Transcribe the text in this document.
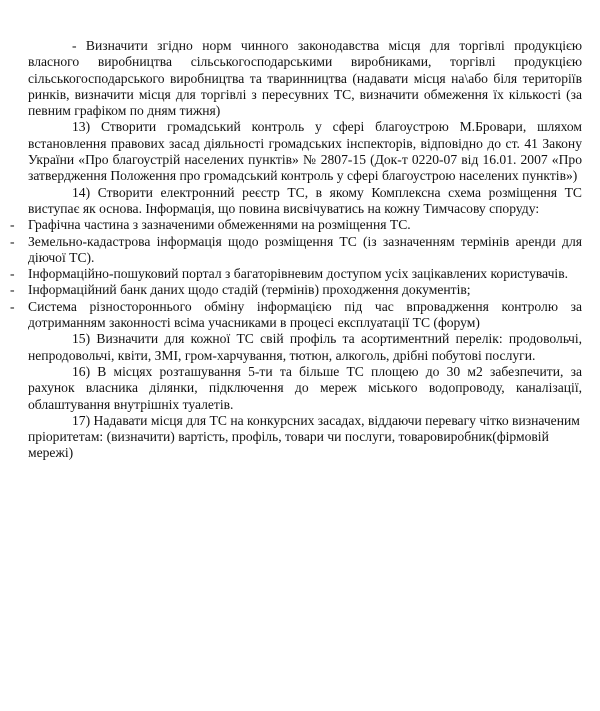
- Визначити згідно норм чинного законодавства місця для торгівлі продукцією власного виробництва сільськогосподарськими виробниками, торгівлі продукцією сільськогосподарського виробництва та тваринництва (надавати місця на\або біля територіїв ринків, визначити місця для торгівлі з пересувних ТС, визначити обмеження їх кількості (за певним графіком по дням тижня)

13) Створити громадський контроль у сфері благоустрою М.Бровари, шляхом встановлення правових засад діяльності громадських інспекторів, відповідно до ст. 41 Закону України «Про благоустрій населених пунктів» № 2807-15 (Док-т 0220-07 від 16.01. 2007 «Про затвердження Положення про громадський контроль у сфері благоустрою населених пунктів»)

14) Створити електронний реєстр ТС, в якому Комплексна схема розміщення ТС виступає як основа. Інформація, що повина висвічуватись на кожну Тимчасову споруду:

- Графічна частина з зазначеними обмеженнями на розміщення ТС.
- Земельно-кадастрова інформація щодо розміщення ТС (із зазначенням термінів аренди для діючої ТС).
- Інформаційно-пошуковий портал з багаторівневим доступом усіх зацікавлених користувачів.
- Інформаційний банк даних щодо стадій (термінів) проходження документів;
- Система різностороннього обміну інформацією під час впровадження контролю за дотриманням законності всіма учасниками в процесі експлуатації ТС (форум)

15) Визначити для кожної ТС свій профіль та асортиментний перелік: продовольчі, непродовольчі, квіти, ЗМІ, гром-харчування, тютюн, алкоголь, дрібні побутові послуги.

16) В місцях розташування 5-ти та більше ТС площею до 30 м2 забезпечити, за рахунок власника ділянки, підключення до мереж міського водопроводу, каналізації, облаштування внутрішніх туалетів.

17) Надавати місця для ТС на конкурсних засадах, віддаючи перевагу чітко визначеним пріоритетам: (визначити) вартість, профіль, товари чи послуги, товаровиробник(фірмовій мережі)
